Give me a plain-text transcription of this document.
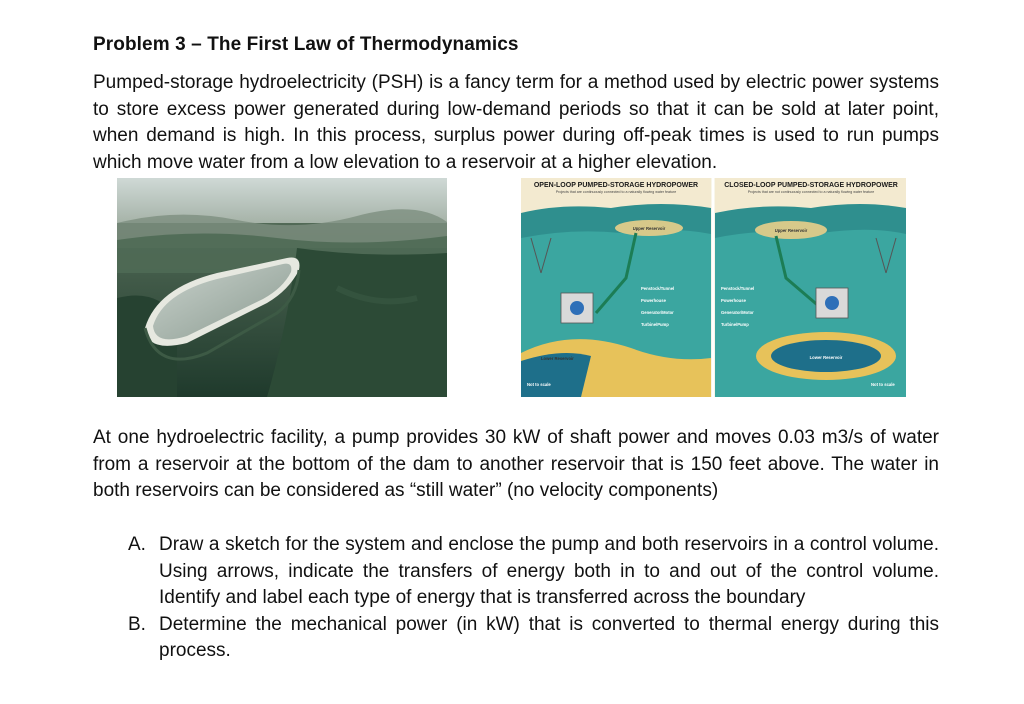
Problem 3 – The First Law of Thermodynamics

Pumped-storage hydroelectricity (PSH) is a fancy term for a method used by electric power systems to store excess power generated during low-demand periods so that it can be sold at later point, when demand is high. In this process, surplus power during off-peak times is used to run pumps which move water from a low elevation to a reservoir at a higher elevation.

OPEN-LOOP PUMPED-STORAGE HYDROPOWER
Projects that are continuously connected to a naturally flowing water feature
Upper Reservoir
Lower Reservoir
Penstock/Tunnel
Powerhouse
Generator/Motor
Turbine/Pump
Not to scale
CLOSED-LOOP PUMPED-STORAGE HYDROPOWER
Projects that are not continuously connected to a naturally flowing water feature
Upper Reservoir
Lower Reservoir
Penstock/Tunnel
Powerhouse
Generator/Motor
Turbine/Pump
Not to scale

At one hydroelectric facility, a pump provides 30 kW of shaft power and moves 0.03 m3/s of water from a reservoir at the bottom of the dam to another reservoir that is 150 feet above. The water in both reservoirs can be considered as “still water” (no velocity components)

A. Draw a sketch for the system and enclose the pump and both reservoirs in a control volume. Using arrows, indicate the transfers of energy both in to and out of the control volume. Identify and label each type of energy that is transferred across the boundary
B. Determine the mechanical power (in kW) that is converted to thermal energy during this process.
